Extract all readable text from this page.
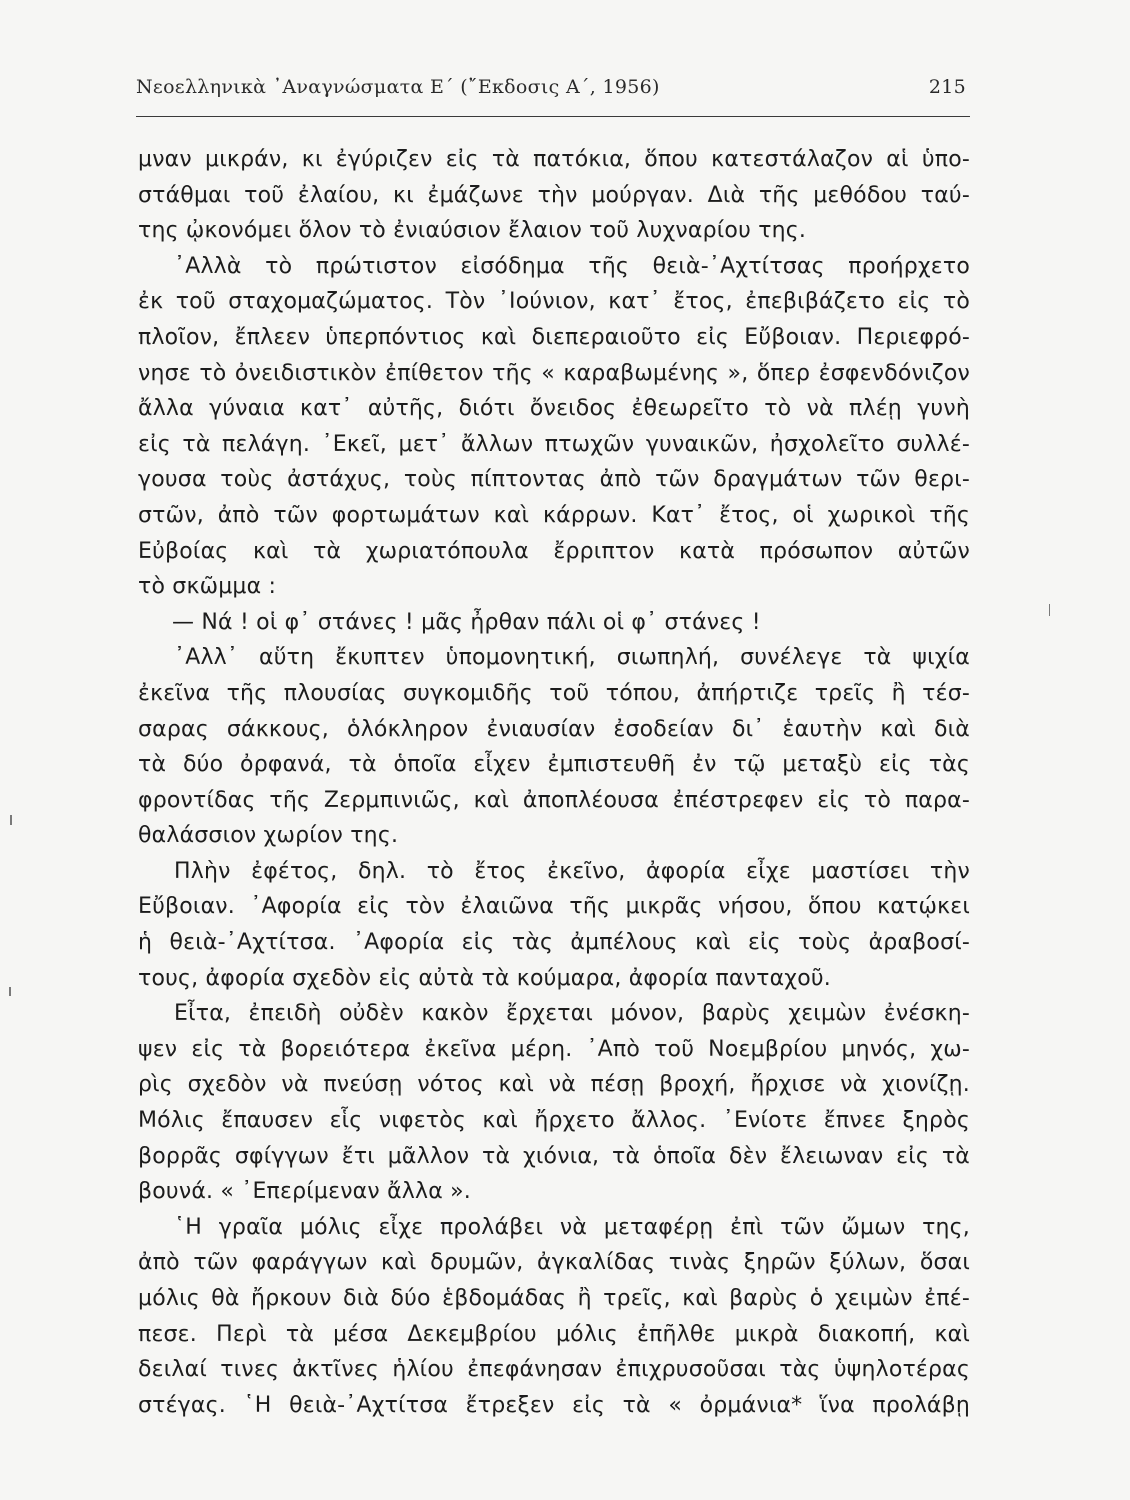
Νεοελληνικὰ ᾿Αναγνώσματα Ε΄ (῎Εκδοσις Α΄, 1956)	215
μναν μικράν, κι ἐγύριζεν εἰς τὰ πατόκια, ὅπου κατεστάλαζον αἱ ὑπο-
στάθμαι τοῦ ἐλαίου, κι ἐμάζωνε τὴν μούργαν. Διὰ τῆς μεθόδου ταύ-
της ᾠκονόμει ὅλον τὸ ἐνιαύσιον ἔλαιον τοῦ λυχναρίου της.
᾿Αλλὰ τὸ πρώτιστον εἰσόδημα τῆς θειὰ-᾿Αχτίτσας προήρχετο
ἐκ τοῦ σταχομαζώματος. Τὸν ᾿Ιούνιον, κατ᾿ ἔτος, ἐπεβιβάζετο εἰς τὸ
πλοῖον, ἔπλεεν ὑπερπόντιος καὶ διεπεραιοῦτο εἰς Εὔβοιαν. Περιεφρό-
νησε τὸ ὀνειδιστικὸν ἐπίθετον τῆς « καραβωμένης », ὅπερ ἐσφενδόνιζον
ἄλλα γύναια κατ᾿ αὐτῆς, διότι ὄνειδος ἐθεωρεῖτο τὸ νὰ πλέῃ γυνὴ
εἰς τὰ πελάγη. ᾿Εκεῖ, μετ᾿ ἄλλων πτωχῶν γυναικῶν, ἠσχολεῖτο συλλέ-
γουσα τοὺς ἀστάχυς, τοὺς πίπτοντας ἀπὸ τῶν δραγμάτων τῶν θερι-
στῶν, ἀπὸ τῶν φορτωμάτων καὶ κάρρων. Κατ᾿ ἔτος, οἱ χωρικοὶ τῆς
Εὐβοίας καὶ τὰ χωριατόπουλα ἔρριπτον κατὰ πρόσωπον αὐτῶν
τὸ σκῶμμα :
— Νά ! οἱ φ᾿ στάνες ! μᾶς ἦρθαν πάλι οἱ φ᾿ στάνες !
᾿Αλλ᾿ αὕτη ἔκυπτεν ὑπομονητική, σιωπηλή, συνέλεγε τὰ ψιχία
ἐκεῖνα τῆς πλουσίας συγκομιδῆς τοῦ τόπου, ἀπήρτιζε τρεῖς ἢ τέσ-
σαρας σάκκους, ὁλόκληρον ἐνιαυσίαν ἐσοδείαν δι᾿ ἑαυτὴν καὶ διὰ
τὰ δύο ὀρφανά, τὰ ὁποῖα εἶχεν ἐμπιστευθῆ ἐν τῷ μεταξὺ εἰς τὰς
φροντίδας τῆς Ζερμπινιῶς, καὶ ἀποπλέουσα ἐπέστρεφεν εἰς τὸ παρα-
θαλάσσιον χωρίον της.
Πλὴν ἐφέτος, δηλ. τὸ ἔτος ἐκεῖνο, ἀφορία εἶχε μαστίσει τὴν
Εὔβοιαν. ᾿Αφορία εἰς τὸν ἐλαιῶνα τῆς μικρᾶς νήσου, ὅπου κατῴκει
ἡ θειὰ-᾿Αχτίτσα. ᾿Αφορία εἰς τὰς ἀμπέλους καὶ εἰς τοὺς ἀραβοσί-
τους, ἀφορία σχεδὸν εἰς αὐτὰ τὰ κούμαρα, ἀφορία πανταχοῦ.
Εἶτα, ἐπειδὴ οὐδὲν κακὸν ἔρχεται μόνον, βαρὺς χειμὼν ἐνέσκη-
ψεν εἰς τὰ βορειότερα ἐκεῖνα μέρη. ᾿Απὸ τοῦ Νοεμβρίου μηνός, χω-
ρὶς σχεδὸν νὰ πνεύσῃ νότος καὶ νὰ πέσῃ βροχή, ἤρχισε νὰ χιονίζῃ.
Μόλις ἔπαυσεν εἷς νιφετὸς καὶ ἤρχετο ἄλλος. ᾿Ενίοτε ἔπνεε ξηρὸς
βορρᾶς σφίγγων ἔτι μᾶλλον τὰ χιόνια, τὰ ὁποῖα δὲν ἔλειωναν εἰς τὰ
βουνά. « ᾿Επερίμεναν ἄλλα ».
῾Η γραῖα μόλις εἶχε προλάβει νὰ μεταφέρῃ ἐπὶ τῶν ὤμων της,
ἀπὸ τῶν φαράγγων καὶ δρυμῶν, ἀγκαλίδας τινὰς ξηρῶν ξύλων, ὅσαι
μόλις θὰ ἤρκουν διὰ δύο ἑβδομάδας ἢ τρεῖς, καὶ βαρὺς ὁ χειμὼν ἐπέ-
πεσε. Περὶ τὰ μέσα Δεκεμβρίου μόλις ἐπῆλθε μικρὰ διακοπή, καὶ
δειλαί τινες ἀκτῖνες ἡλίου ἐπεφάνησαν ἐπιχρυσοῦσαι τὰς ὑψηλοτέρας
στέγας. ῾Η θειὰ-᾿Αχτίτσα ἔτρεξεν εἰς τὰ « ὀρμάνια* ἵνα προλάβῃ
